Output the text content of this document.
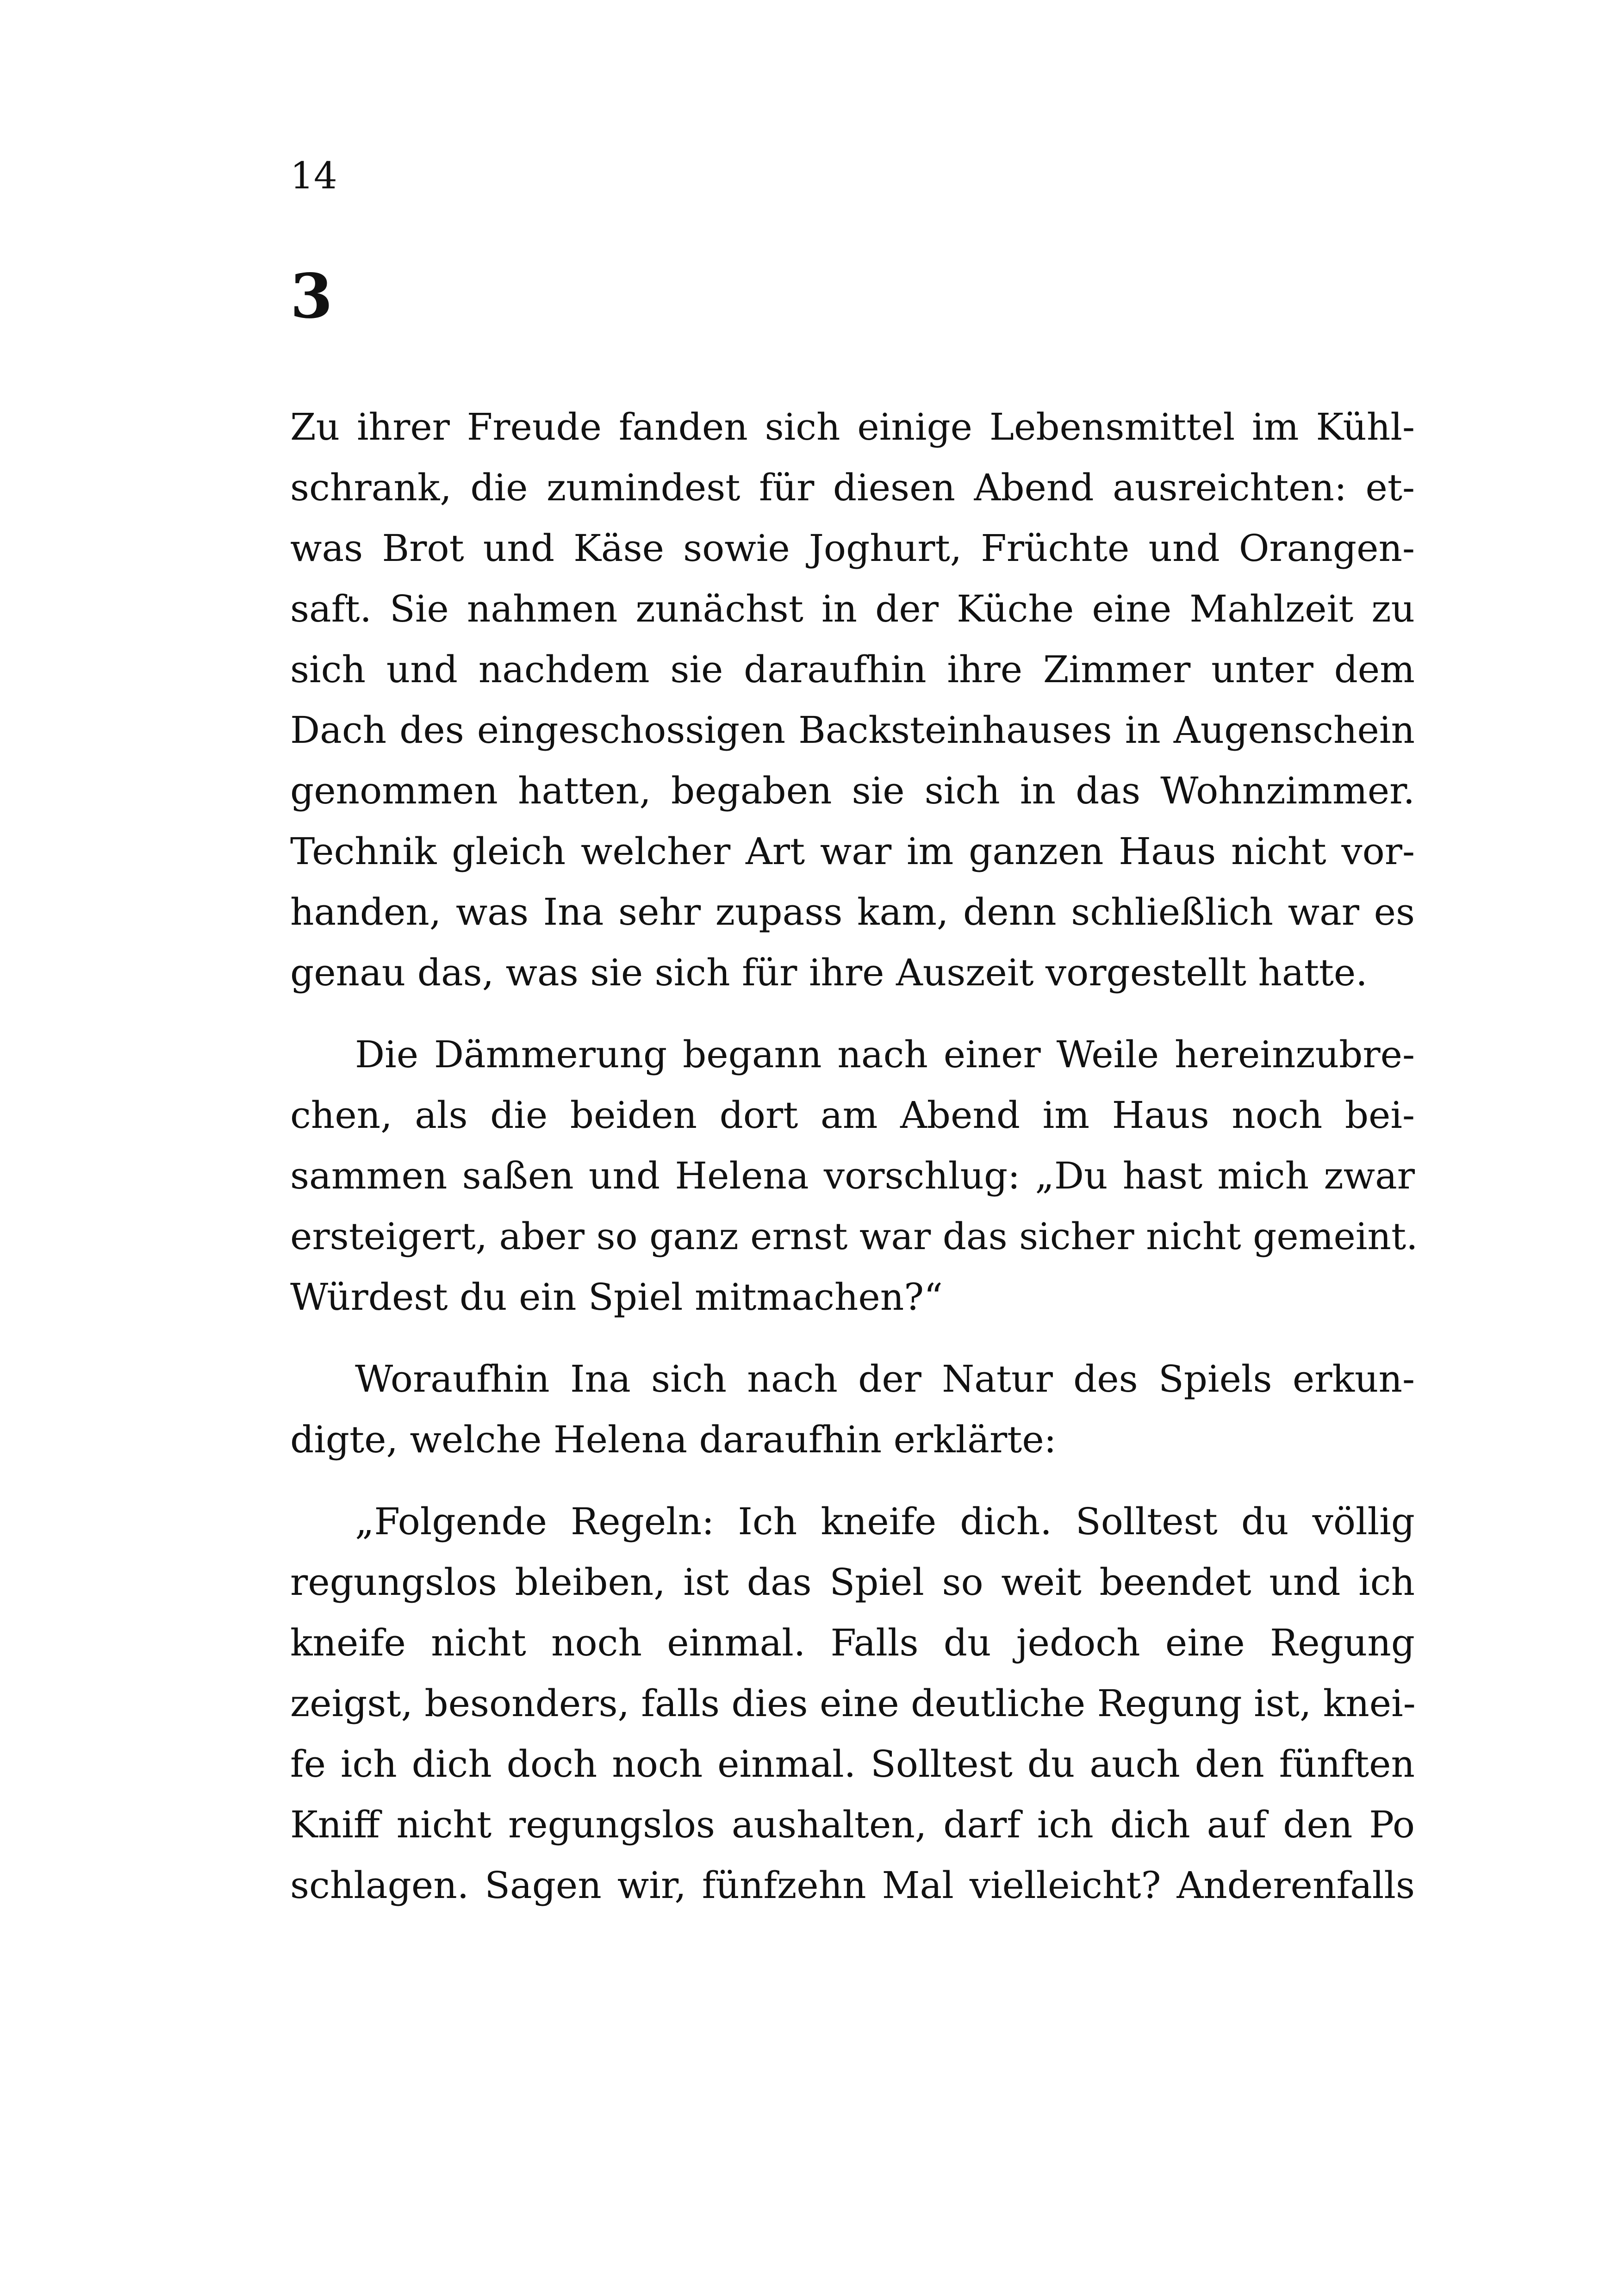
14
3
Zu ihrer Freude fanden sich einige Lebensmittel im Kühl-
schrank, die zumindest für diesen Abend ausreichten: et-
was Brot und Käse sowie Joghurt, Früchte und Orangen-
saft. Sie nahmen zunächst in der Küche eine Mahlzeit zu
sich und nachdem sie daraufhin ihre Zimmer unter dem
Dach des eingeschossigen Backsteinhauses in Augenschein
genommen hatten, begaben sie sich in das Wohnzimmer.
Technik gleich welcher Art war im ganzen Haus nicht vor-
handen, was Ina sehr zupass kam, denn schließlich war es
genau das, was sie sich für ihre Auszeit vorgestellt hatte.
Die Dämmerung begann nach einer Weile hereinzubre-
chen, als die beiden dort am Abend im Haus noch bei-
sammen saßen und Helena vorschlug: „Du hast mich zwar
ersteigert, aber so ganz ernst war das sicher nicht gemeint.
Würdest du ein Spiel mitmachen?“
Woraufhin Ina sich nach der Natur des Spiels erkun-
digte, welche Helena daraufhin erklärte:
„Folgende Regeln: Ich kneife dich. Solltest du völlig
regungslos bleiben, ist das Spiel so weit beendet und ich
kneife nicht noch einmal. Falls du jedoch eine Regung
zeigst, besonders, falls dies eine deutliche Regung ist, knei-
fe ich dich doch noch einmal. Solltest du auch den fünften
Kniff nicht regungslos aushalten, darf ich dich auf den Po
schlagen. Sagen wir, fünfzehn Mal vielleicht? Anderenfalls
